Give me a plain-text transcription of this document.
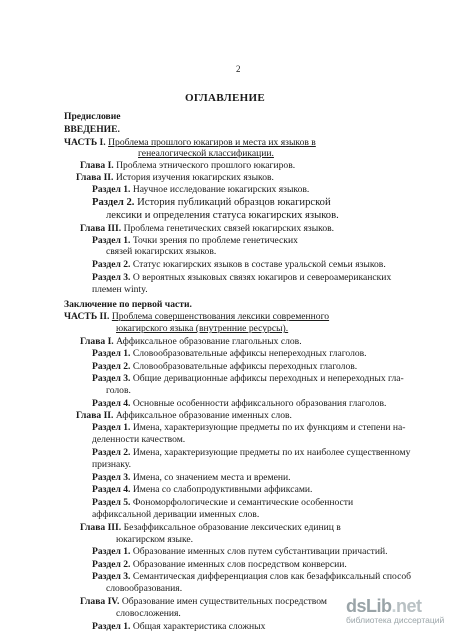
2
ОГЛАВЛЕНИЕ
Предисловие
ВВЕДЕНИЕ.
ЧАСТЬ I. Проблема прошлого юкагиров и места их языков в
генеалогической классификации.
Глава I. Проблема этнического прошлого юкагиров.
Глава II. История изучения юкагирских языков.
Раздел 1. Научное исследование юкагирских языков.
Раздел 2. История публикаций образцов юкагирской
лексики и определения статуса юкагирских языков.
Глава III. Проблема генетических связей юкагирских языков.
Раздел 1. Точки зрения по проблеме генетических
связей юкагирских языков.
Раздел 2. Статус юкагирских языков в составе уральской семьи языков.
Раздел 3. О вероятных языковых связях юкагиров и североамериканских
племен winty.
Заключение по первой части.
ЧАСТЬ II. Проблема совершенствования лексики современного
юкагирского языка (внутренние ресурсы).
Глава I. Аффиксальное образование глагольных слов.
Раздел 1. Словообразовательные аффиксы непереходных глаголов.
Раздел 2. Словообразовательные аффиксы переходных глаголов.
Раздел 3. Общие деривационные аффиксы переходных и непереходных гла-
голов.
Раздел 4. Основные особенности аффиксального образования глаголов.
Глава II. Аффиксальное образование именных слов.
Раздел 1. Имена, характеризующие предметы по их функциям и степени на-
деленности качеством.
Раздел 2. Имена, характеризующие предметы по их наиболее существенному
признаку.
Раздел 3. Имена, со значением места и времени.
Раздел 4. Имена со слабопродуктивными аффиксами.
Раздел 5. Фономорфологические и семантические особенности
аффиксальной деривации именных слов.
Глава III. Безаффиксальное образование лексических единиц в
юкагирском языке.
Раздел 1. Образование именных слов путем субстантивации причастий.
Раздел 2. Образование именных слов посредством конверсии.
Раздел 3. Семантическая дифференциация слов как безаффиксальный способ
словообразования.
Глава IV. Образование имен существительных посредством
словосложения.
Раздел 1. Общая характеристика сложных
dsLib.net
библиотека диссертаций
